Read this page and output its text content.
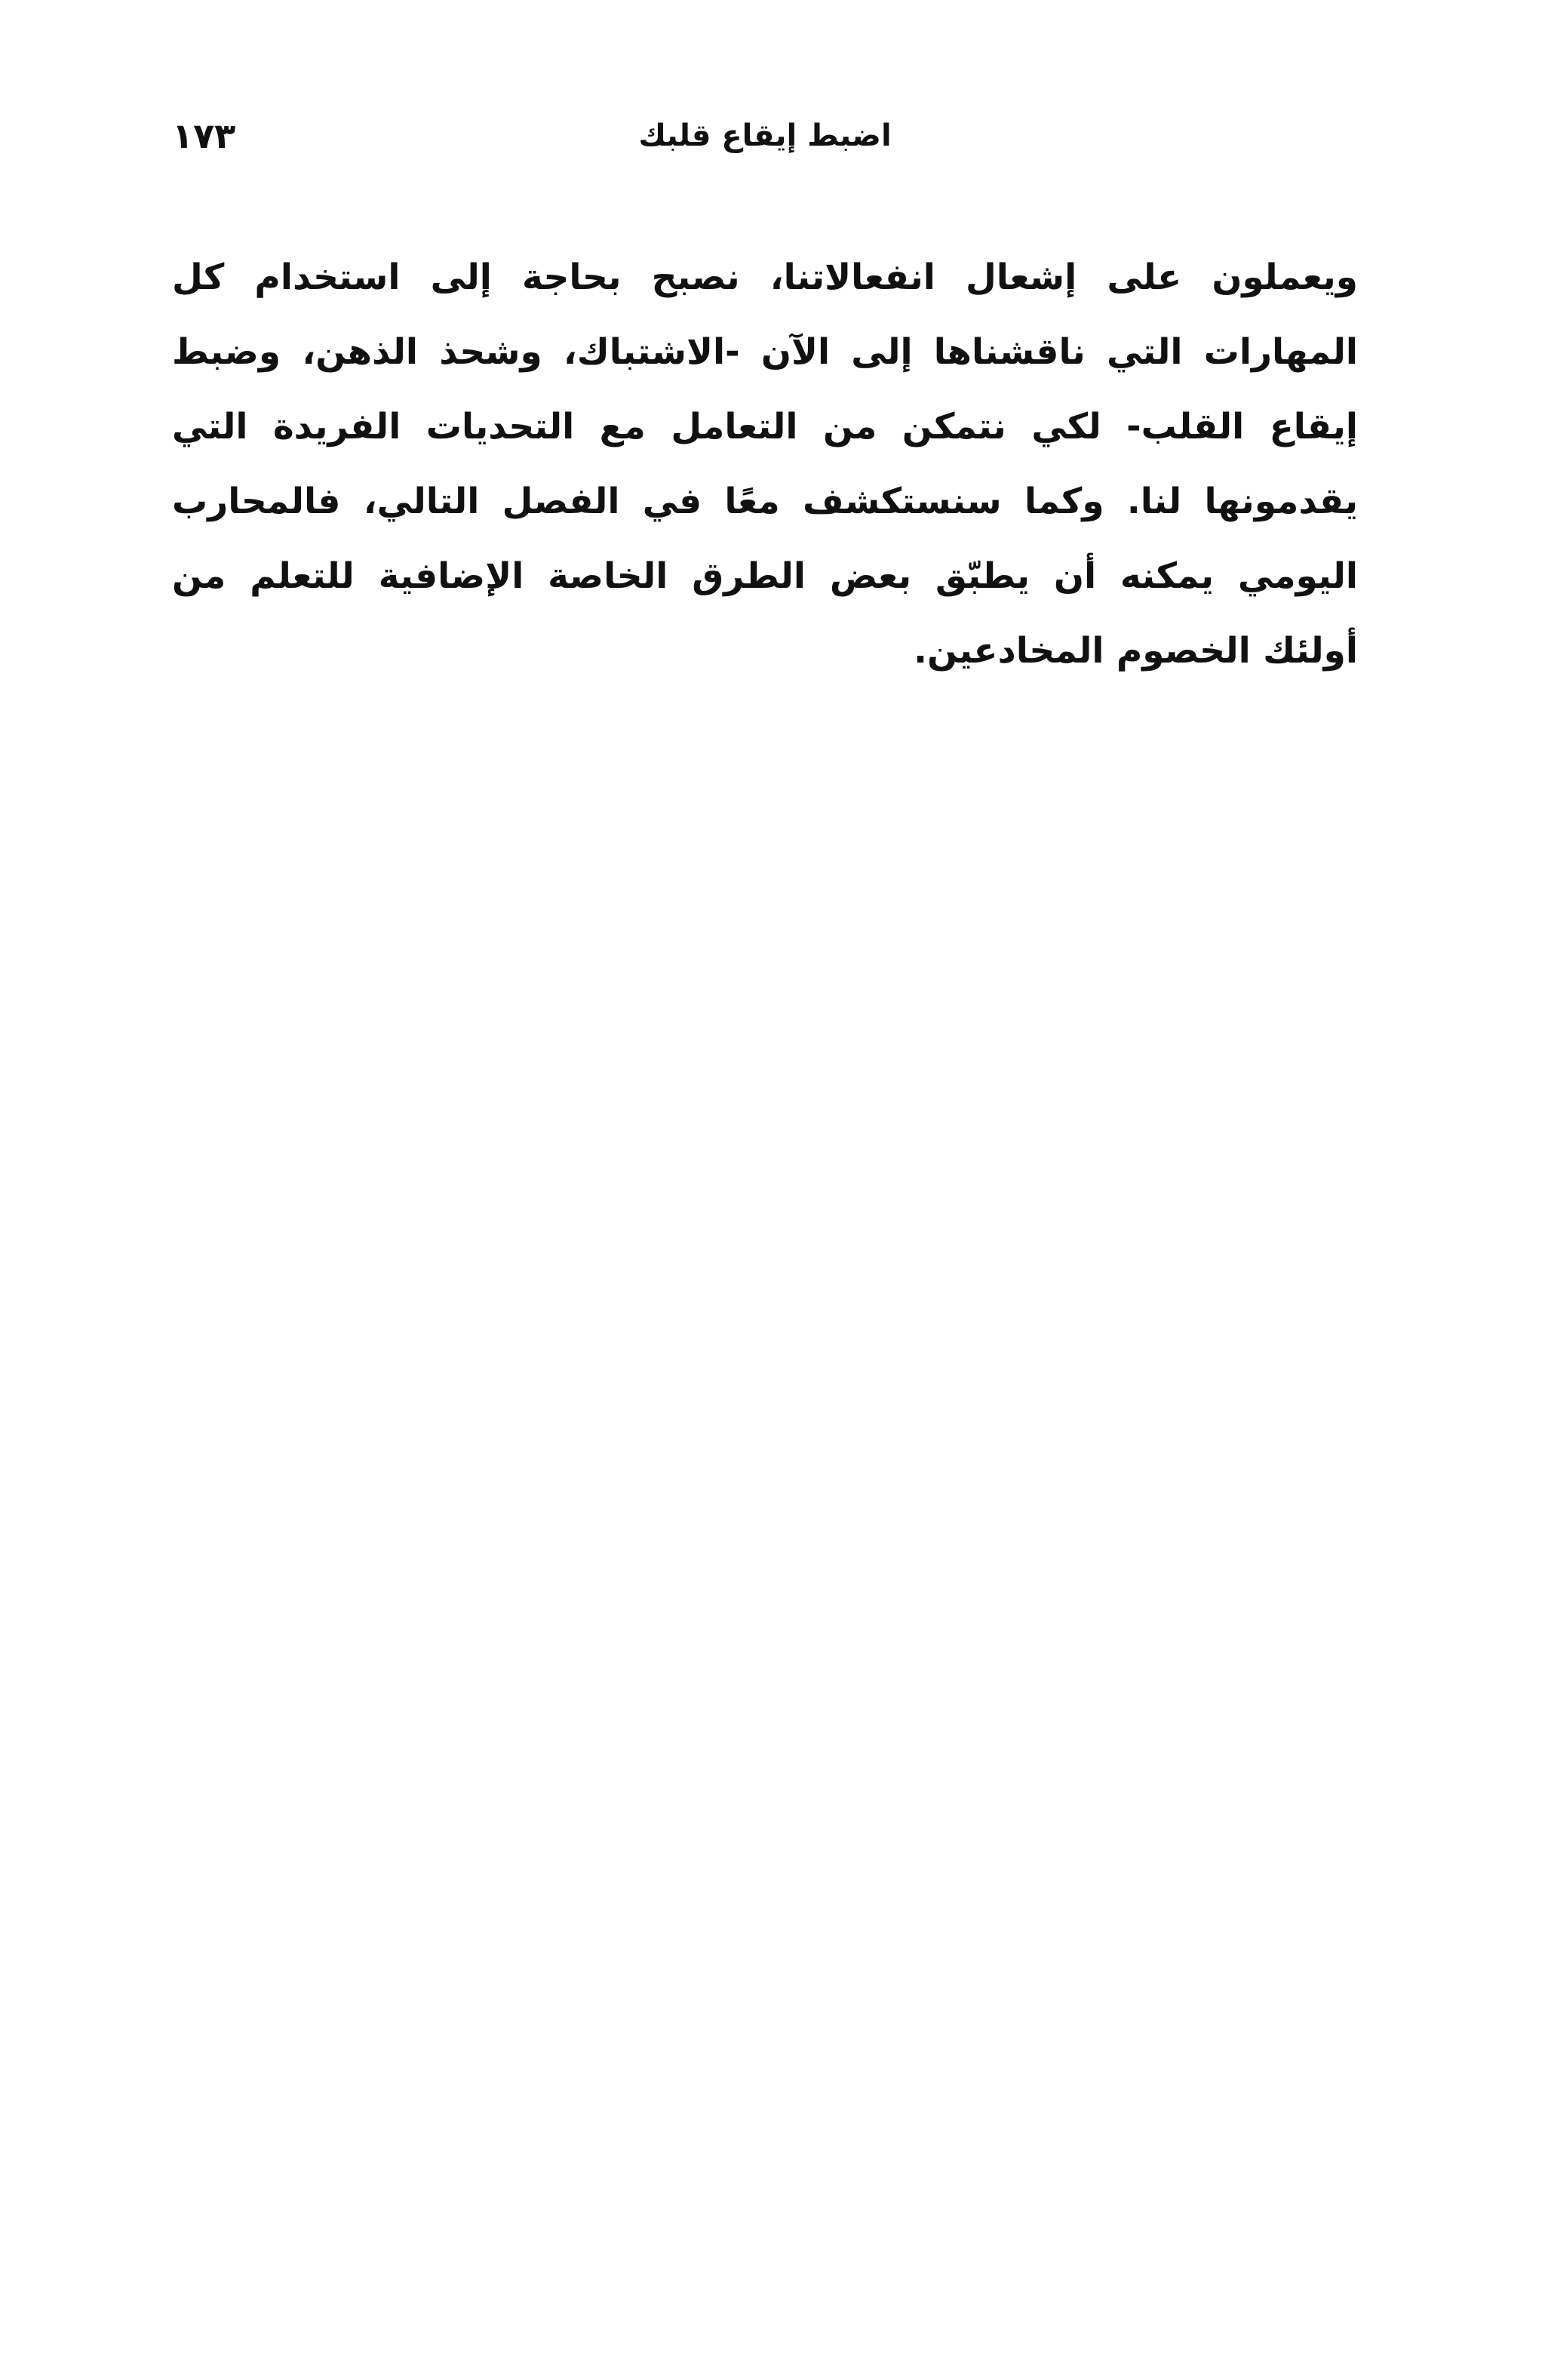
١٧٣	اضبط إيقاع قلبك

ويعملون على إشعال انفعالاتنا، نصبح بحاجة إلى استخدام كل المهارات التي ناقشناها إلى الآن -الاشتباك، وشحذ الذهن، وضبط إيقاع القلب- لكي نتمكن من التعامل مع التحديات الفريدة التي يقدمونها لنا. وكما سنستكشف معًا في الفصل التالي، فالمحارب اليومي يمكنه أن يطبّق بعض الطرق الخاصة الإضافية للتعلم من أولئك الخصوم المخادعين.
